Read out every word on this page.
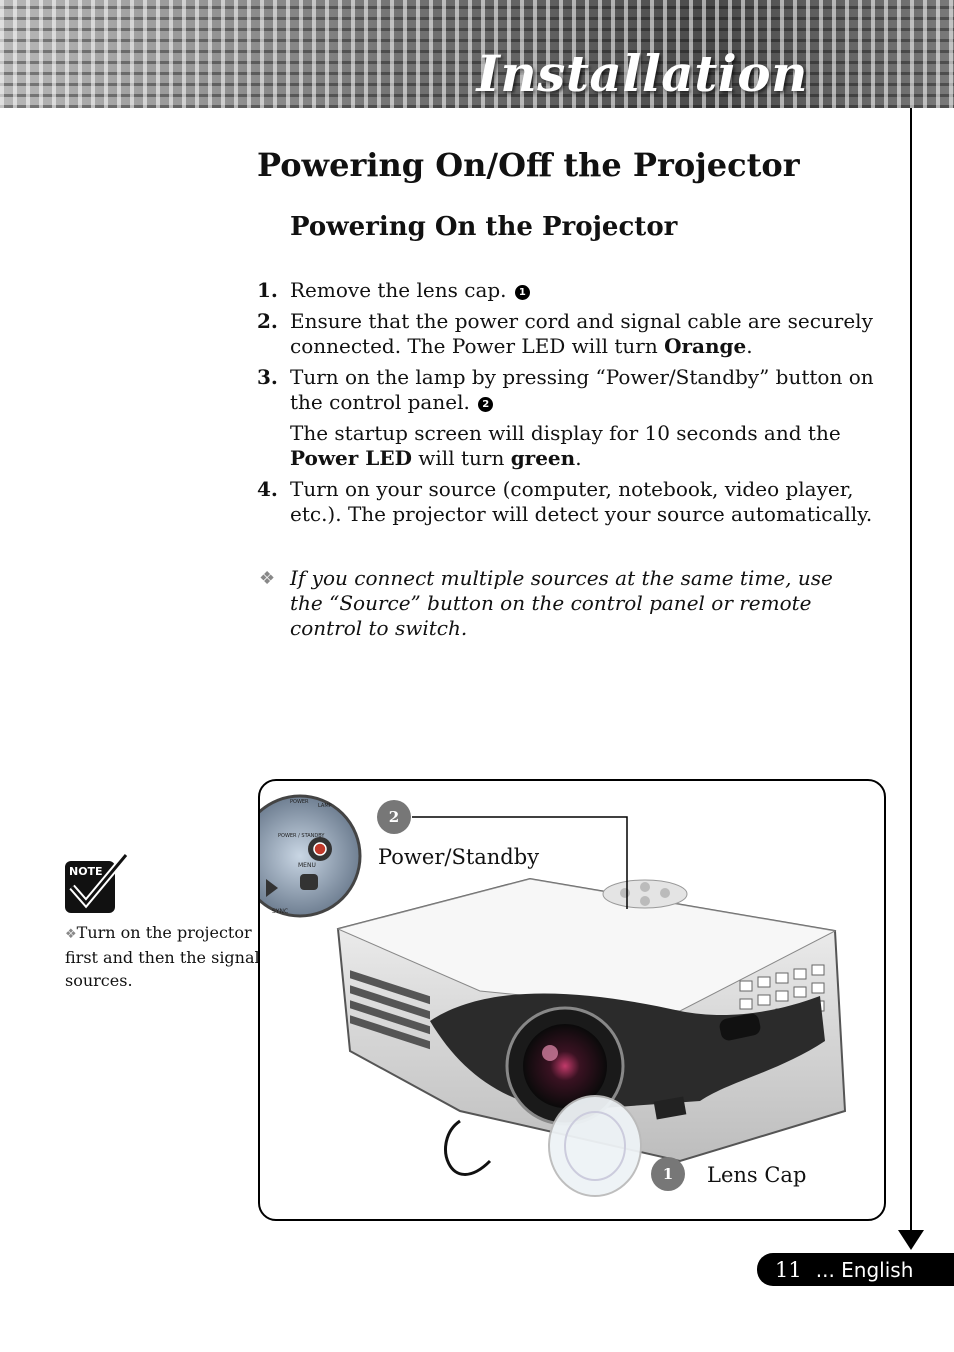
Installation
Powering On/Off the Projector
Powering On the Projector
1. Remove the lens cap. 1
2. Ensure that the power cord and signal cable are securely connected. The Power LED will turn Orange.
3. Turn on the lamp by pressing “Power/Standby” button on the control panel. 2
The startup screen will display for 10 seconds and the Power LED will turn green.
4. Turn on your source (computer, notebook, video player, etc.). The projector will detect your source automatically.
❖ If you connect multiple sources at the same time, use the “Source” button on the control panel or remote control to switch.
NOTE
❖Turn on the projector first and then the signal sources.
POWER
LAMP
POWER / STANDBY
MENU
SYNC
2
Power/Standby
1	Lens Cap
11 ... English
